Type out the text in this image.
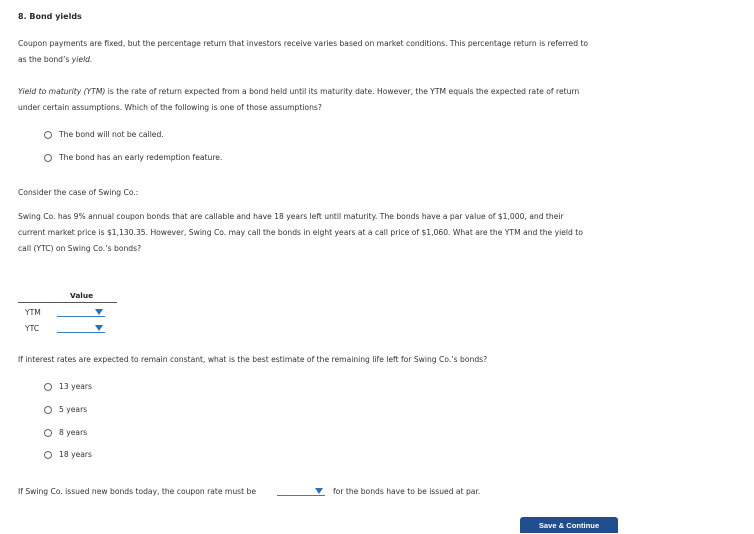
8. Bond yields

Coupon payments are fixed, but the percentage return that investors receive varies based on market conditions. This percentage return is referred to

as the bond’s yield.

Yield to maturity (YTM) is the rate of return expected from a bond held until its maturity date. However, the YTM equals the expected rate of return

under certain assumptions. Which of the following is one of those assumptions?

The bond will not be called.
The bond has an early redemption feature.

Consider the case of Swing Co.:

Swing Co. has 9% annual coupon bonds that are callable and have 18 years left until maturity. The bonds have a par value of $1,000, and their

current market price is $1,130.35. However, Swing Co. may call the bonds in eight years at a call price of $1,060. What are the YTM and the yield to

call (YTC) on Swing Co.’s bonds?

Value
YTM
YTC

If interest rates are expected to remain constant, what is the best estimate of the remaining life left for Swing Co.’s bonds?

13 years
5 years
8 years
18 years

If Swing Co. issued new bonds today, the coupon rate must be	for the bonds have to be issued at par.

Save & Continue
